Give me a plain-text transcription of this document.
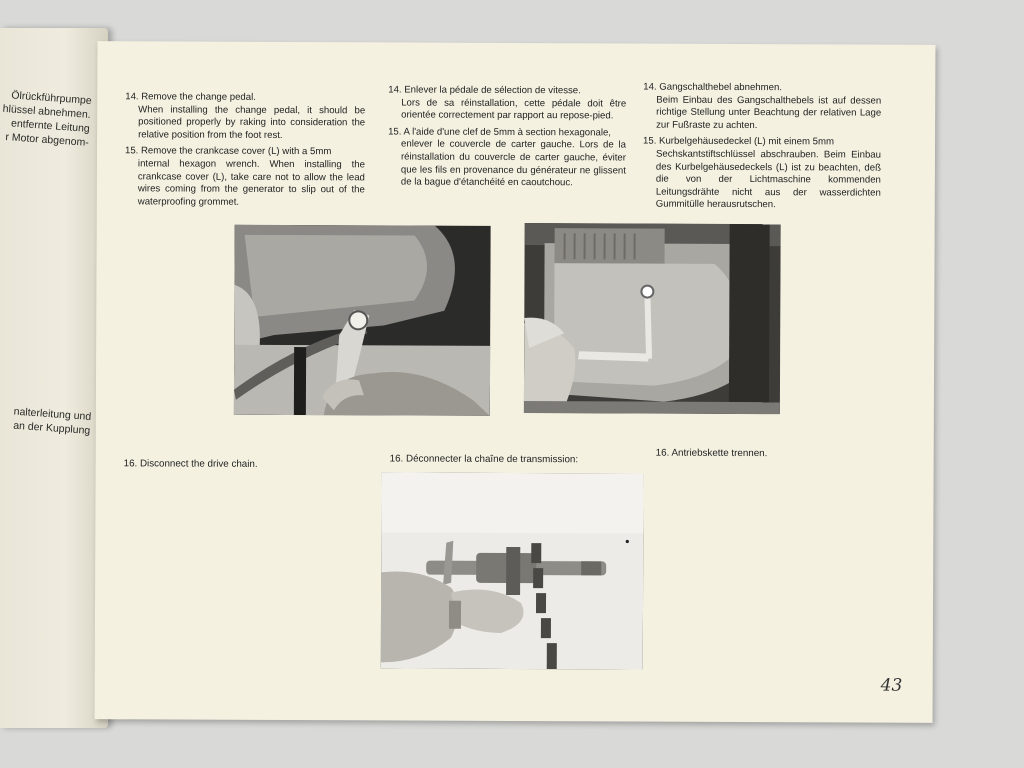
Ölrückführpumpe
hlüssel abnehmen.
entfernte Leitung
r Motor abgenom-
nalterleitung und
an der Kupplung
14. Remove the change pedal.
When installing the change pedal, it should be positioned properly by raking into consideration the relative position from the foot rest.
15. Remove the crankcase cover (L) with a 5mm
internal hexagon wrench. When installing the crankcase cover (L), take care not to allow the lead wires coming from the generator to slip out of the waterproofing grommet.
14. Enlever la pédale de sélection de vitesse.
Lors de sa réinstallation, cette pédale doit être orientée correctement par rapport au repose-pied.
15. A l'aide d'une clef de 5mm à section hexagonale,
enlever le couvercle de carter gauche. Lors de la réinstallation du couvercle de carter gauche, éviter que les fils en provenance du générateur ne glissent de la bague d'étanchéité en caoutchouc.
14. Gangschalthebel abnehmen.
Beim Einbau des Gangschalthebels ist auf dessen richtige Stellung unter Beachtung der relativen Lage zur Fußraste zu achten.
15. Kurbelgehäusedeckel (L) mit einem 5mm
Sechskantstiftschlüssel abschrauben. Beim Einbau des Kurbelgehäusedeckels (L) ist zu beachten, deß die von der Lichtmaschine kommenden Leitungsdrähte nicht aus der wasserdichten Gummitülle herausrutschen.
16. Disconnect the drive chain.	16. Déconnecter la chaîne de transmission:
16. Antriebskette trennen.
43
